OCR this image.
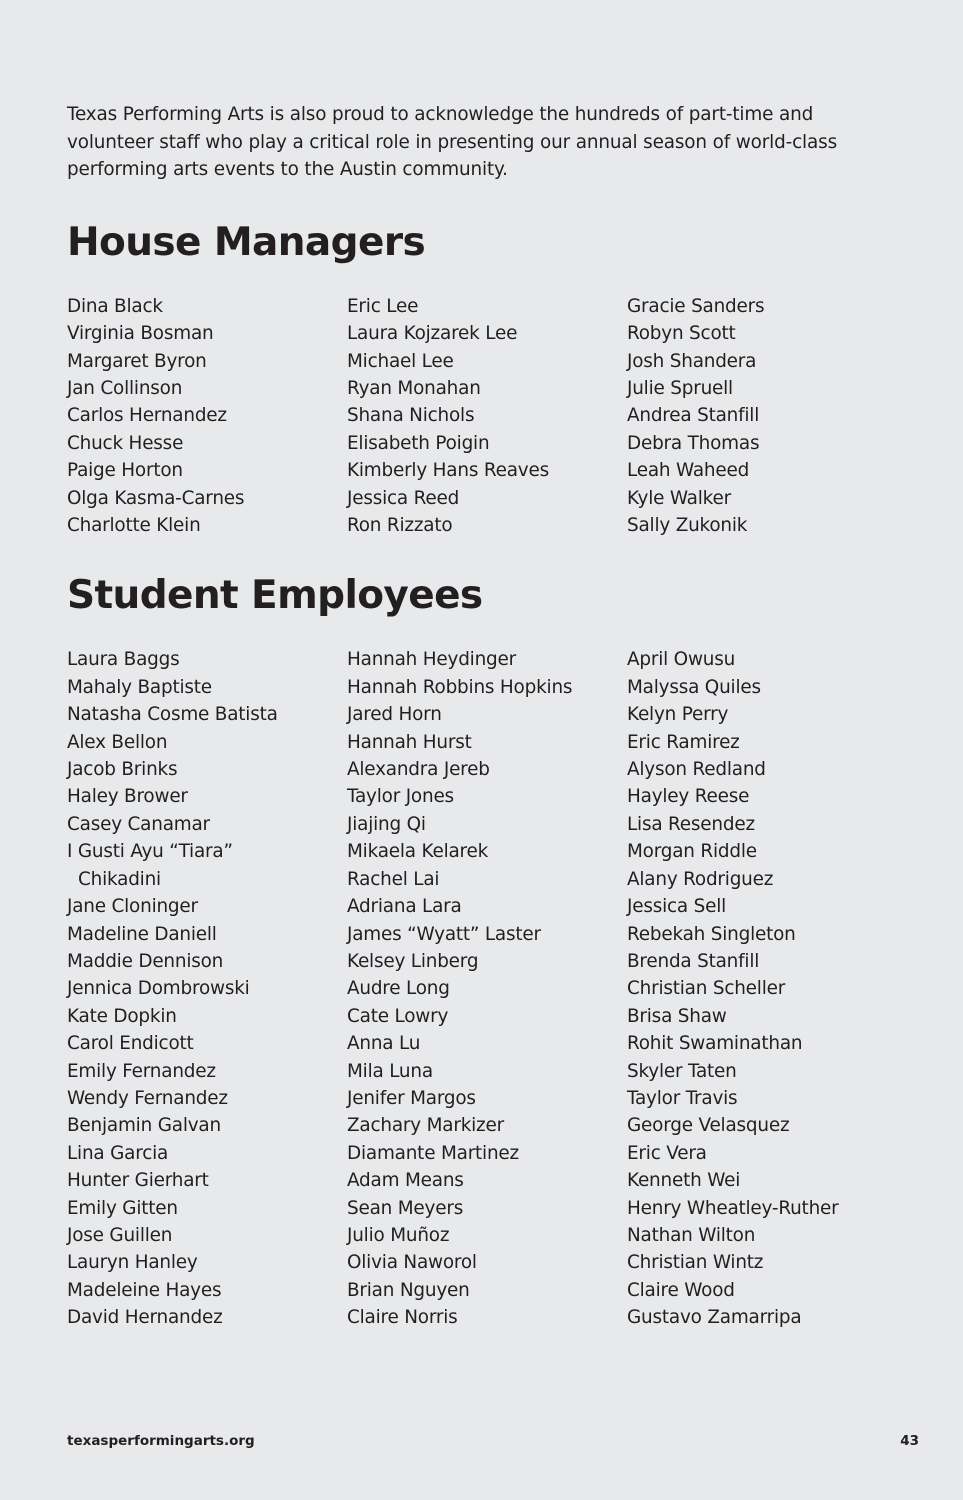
Texas Performing Arts is also proud to acknowledge the hundreds of part-time and volunteer staff who play a critical role in presenting our annual season of world-class performing arts events to the Austin community.

House Managers
Dina Black
Virginia Bosman
Margaret Byron
Jan Collinson
Carlos Hernandez
Chuck Hesse
Paige Horton
Olga Kasma-Carnes
Charlotte Klein
Eric Lee
Laura Kojzarek Lee
Michael Lee
Ryan Monahan
Shana Nichols
Elisabeth Poigin
Kimberly Hans Reaves
Jessica Reed
Ron Rizzato
Gracie Sanders
Robyn Scott
Josh Shandera
Julie Spruell
Andrea Stanfill
Debra Thomas
Leah Waheed
Kyle Walker
Sally Zukonik
Student Employees
Laura Baggs
Mahaly Baptiste
Natasha Cosme Batista
Alex Bellon
Jacob Brinks
Haley Brower
Casey Canamar
I Gusti Ayu “Tiara”
Chikadini
Jane Cloninger
Madeline Daniell
Maddie Dennison
Jennica Dombrowski
Kate Dopkin
Carol Endicott
Emily Fernandez
Wendy Fernandez
Benjamin Galvan
Lina Garcia
Hunter Gierhart
Emily Gitten
Jose Guillen
Lauryn Hanley
Madeleine Hayes
David Hernandez
Hannah Heydinger
Hannah Robbins Hopkins
Jared Horn
Hannah Hurst
Alexandra Jereb
Taylor Jones
Jiajing Qi
Mikaela Kelarek
Rachel Lai
Adriana Lara
James “Wyatt” Laster
Kelsey Linberg
Audre Long
Cate Lowry
Anna Lu
Mila Luna
Jenifer Margos
Zachary Markizer
Diamante Martinez
Adam Means
Sean Meyers
Julio Muñoz
Olivia Naworol
Brian Nguyen
Claire Norris
April Owusu
Malyssa Quiles
Kelyn Perry
Eric Ramirez
Alyson Redland
Hayley Reese
Lisa Resendez
Morgan Riddle
Alany Rodriguez
Jessica Sell
Rebekah Singleton
Brenda Stanfill
Christian Scheller
Brisa Shaw
Rohit Swaminathan
Skyler Taten
Taylor Travis
George Velasquez
Eric Vera
Kenneth Wei
Henry Wheatley-Ruther
Nathan Wilton
Christian Wintz
Claire Wood
Gustavo Zamarripa
texasperformingarts.org	43
